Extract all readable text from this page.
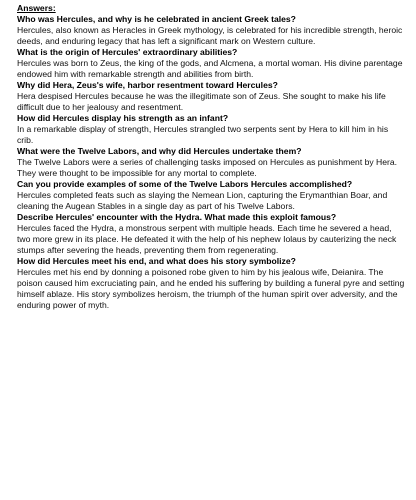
Answers:

Who was Hercules, and why is he celebrated in ancient Greek tales?

Hercules, also known as Heracles in Greek mythology, is celebrated for his incredible strength, heroic deeds, and enduring legacy that has left a significant mark on Western culture.

What is the origin of Hercules' extraordinary abilities?

Hercules was born to Zeus, the king of the gods, and Alcmena, a mortal woman. His divine parentage endowed him with remarkable strength and abilities from birth.

Why did Hera, Zeus's wife, harbor resentment toward Hercules?

Hera despised Hercules because he was the illegitimate son of Zeus. She sought to make his life difficult due to her jealousy and resentment.

How did Hercules display his strength as an infant?

In a remarkable display of strength, Hercules strangled two serpents sent by Hera to kill him in his crib.

What were the Twelve Labors, and why did Hercules undertake them?

The Twelve Labors were a series of challenging tasks imposed on Hercules as punishment by Hera. They were thought to be impossible for any mortal to complete.

Can you provide examples of some of the Twelve Labors Hercules accomplished?

Hercules completed feats such as slaying the Nemean Lion, capturing the Erymanthian Boar, and cleaning the Augean Stables in a single day as part of his Twelve Labors.

Describe Hercules' encounter with the Hydra. What made this exploit famous?

Hercules faced the Hydra, a monstrous serpent with multiple heads. Each time he severed a head, two more grew in its place. He defeated it with the help of his nephew Iolaus by cauterizing the neck stumps after severing the heads, preventing them from regenerating.

How did Hercules meet his end, and what does his story symbolize?

Hercules met his end by donning a poisoned robe given to him by his jealous wife, Deianira. The poison caused him excruciating pain, and he ended his suffering by building a funeral pyre and setting himself ablaze. His story symbolizes heroism, the triumph of the human spirit over adversity, and the enduring power of myth.
